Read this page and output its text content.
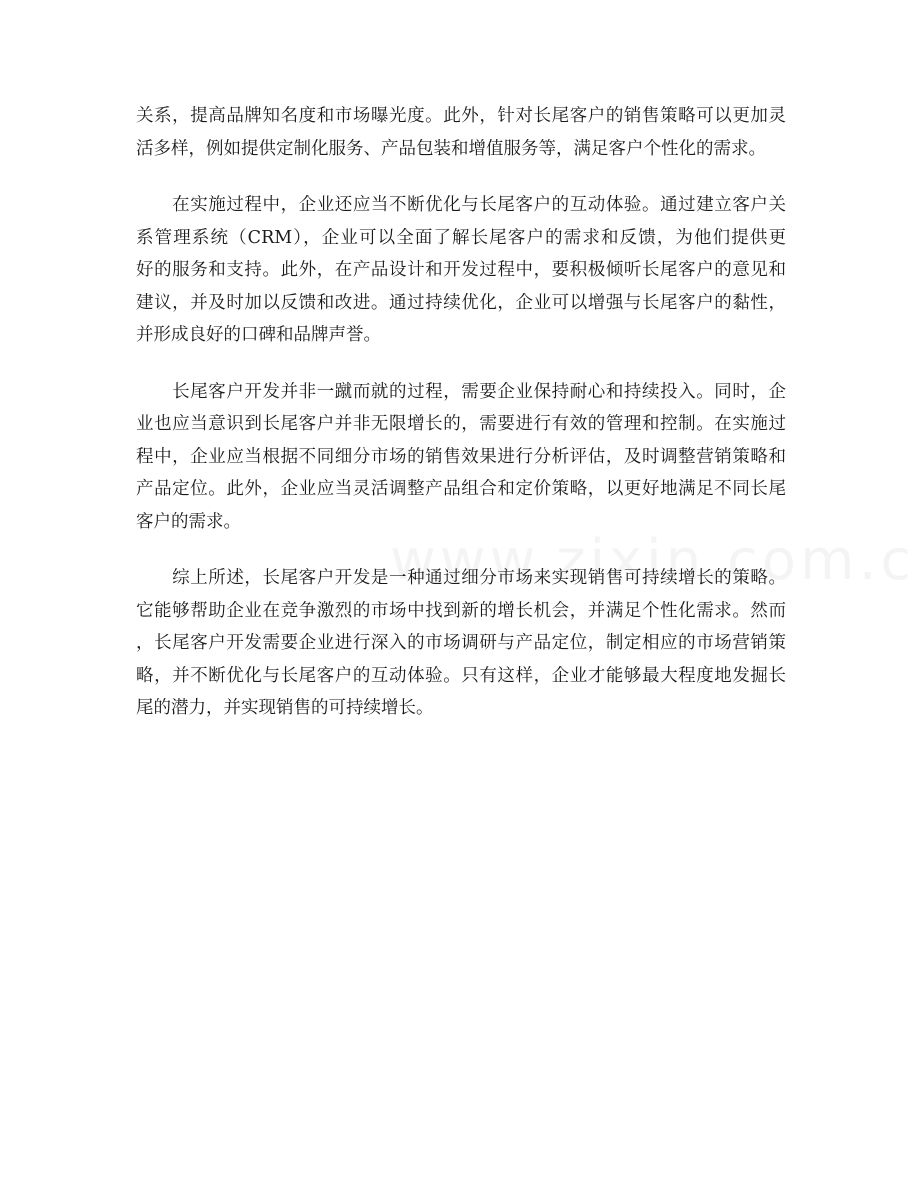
关系，提高品牌知名度和市场曝光度。此外，针对长尾客户的销售策略可以更加灵
活多样，例如提供定制化服务、产品包装和增值服务等，满足客户个性化的需求。

　　在实施过程中，企业还应当不断优化与长尾客户的互动体验。通过建立客户关
系管理系统（CRM），企业可以全面了解长尾客户的需求和反馈，为他们提供更
好的服务和支持。此外，在产品设计和开发过程中，要积极倾听长尾客户的意见和
建议，并及时加以反馈和改进。通过持续优化，企业可以增强与长尾客户的黏性，
并形成良好的口碑和品牌声誉。

　　长尾客户开发并非一蹴而就的过程，需要企业保持耐心和持续投入。同时，企
业也应当意识到长尾客户并非无限增长的，需要进行有效的管理和控制。在实施过
程中，企业应当根据不同细分市场的销售效果进行分析评估，及时调整营销策略和
产品定位。此外，企业应当灵活调整产品组合和定价策略，以更好地满足不同长尾
客户的需求。

　　综上所述，长尾客户开发是一种通过细分市场来实现销售可持续增长的策略。
它能够帮助企业在竞争激烈的市场中找到新的增长机会，并满足个性化需求。然而
，长尾客户开发需要企业进行深入的市场调研与产品定位，制定相应的市场营销策
略，并不断优化与长尾客户的互动体验。只有这样，企业才能够最大程度地发掘长
尾的潜力，并实现销售的可持续增长。
